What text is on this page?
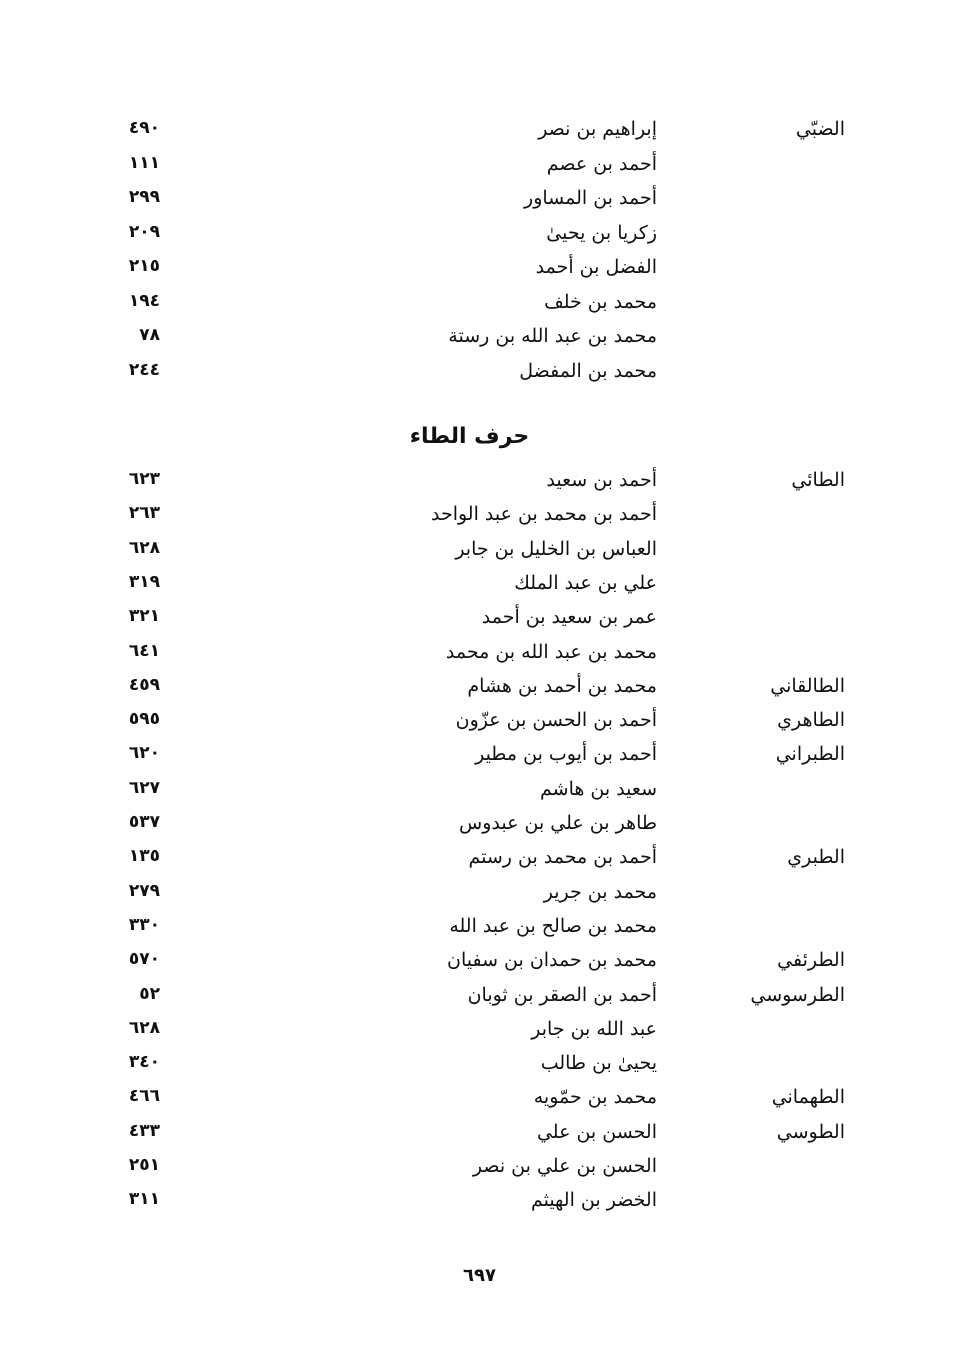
الضبّي
إبراهيم بن نصر
٤٩٠
أحمد بن عصم
١١١
أحمد بن المساور
٢٩٩
زكريا بن يحيىٰ
٢٠٩
الفضل بن أحمد
٢١٥
محمد بن خلف
١٩٤
محمد بن عبد الله بن رستة
٧٨
محمد بن المفضل
٢٤٤
حرف الطاء
الطائي
أحمد بن سعيد
٦٢٣
أحمد بن محمد بن عبد الواحد
٢٦٣
العباس بن الخليل بن جابر
٦٢٨
علي بن عبد الملك
٣١٩
عمر بن سعيد بن أحمد
٣٢١
محمد بن عبد الله بن محمد
٦٤١
الطالقاني
محمد بن أحمد بن هشام
٤٥٩
الطاهري
أحمد بن الحسن بن عزّون
٥٩٥
الطبراني
أحمد بن أيوب بن مطير
٦٢٠
سعيد بن هاشم
٦٢٧
طاهر بن علي بن عبدوس
٥٣٧
الطبري
أحمد بن محمد بن رستم
١٣٥
محمد بن جرير
٢٧٩
محمد بن صالح بن عبد الله
٣٣٠
الطرئفي
محمد بن حمدان بن سفيان
٥٧٠
الطرسوسي
أحمد بن الصقر بن ثوبان
٥٢
عبد الله بن جابر
٦٢٨
يحيىٰ بن طالب
٣٤٠
الطهماني
محمد بن حمّويه
٤٦٦
الطوسي
الحسن بن علي
٤٣٣
الحسن بن علي بن نصر
٢٥١
الخضر بن الهيثم
٣١١
٦٩٧
